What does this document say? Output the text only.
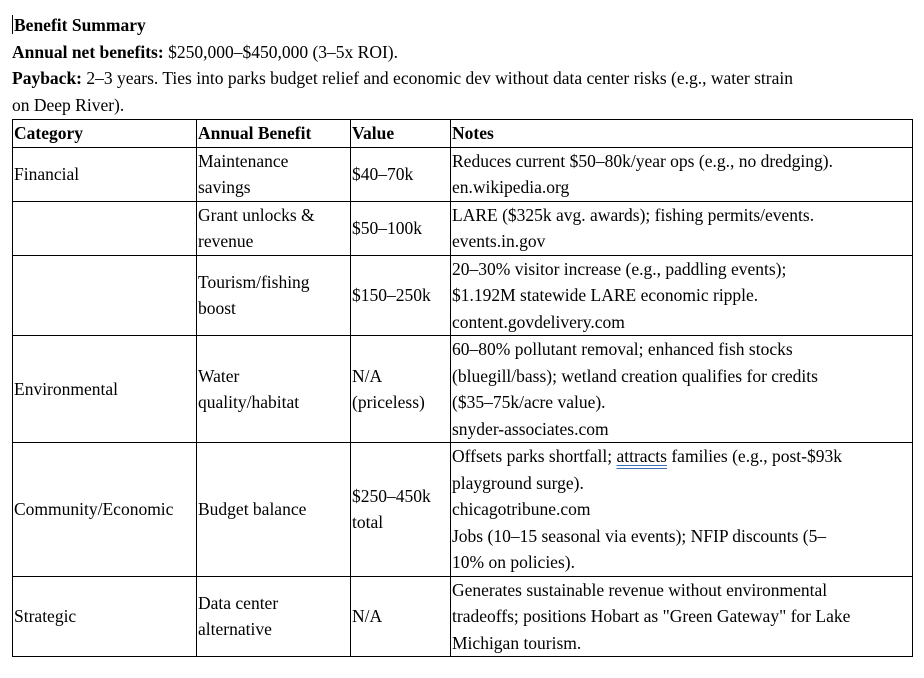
Benefit Summary

Annual net benefits: $250,000–$450,000 (3–5x ROI).

Payback: 2–3 years. Ties into parks budget relief and economic dev without data center risks (e.g., water strain
on Deep River).

Category	Annual Benefit	Value	Notes
Financial	Maintenance
savings	$40–70k	Reduces current $50–80k/year ops (e.g., no dredging).
en.wikipedia.org

	Grant unlocks &
revenue	$50–100k	LARE ($325k avg. awards); fishing permits/events.
events.in.gov

	Tourism/fishing
boost	$150–250k	20–30% visitor increase (e.g., paddling events);
$1.192M statewide LARE economic ripple.
content.govdelivery.com

Environmental	Water
quality/habitat	N/A
(priceless)	60–80% pollutant removal; enhanced fish stocks
(bluegill/bass); wetland creation qualifies for credits
($35–75k/acre value).
snyder-associates.com

Community/Economic	Budget balance	$250–450k
total	Offsets parks shortfall; attracts families (e.g., post-$93k
playground surge).
chicagotribune.com
Jobs (10–15 seasonal via events); NFIP discounts (5–
10% on policies).

Strategic	Data center
alternative	N/A	Generates sustainable revenue without environmental
tradeoffs; positions Hobart as "Green Gateway" for Lake
Michigan tourism.
